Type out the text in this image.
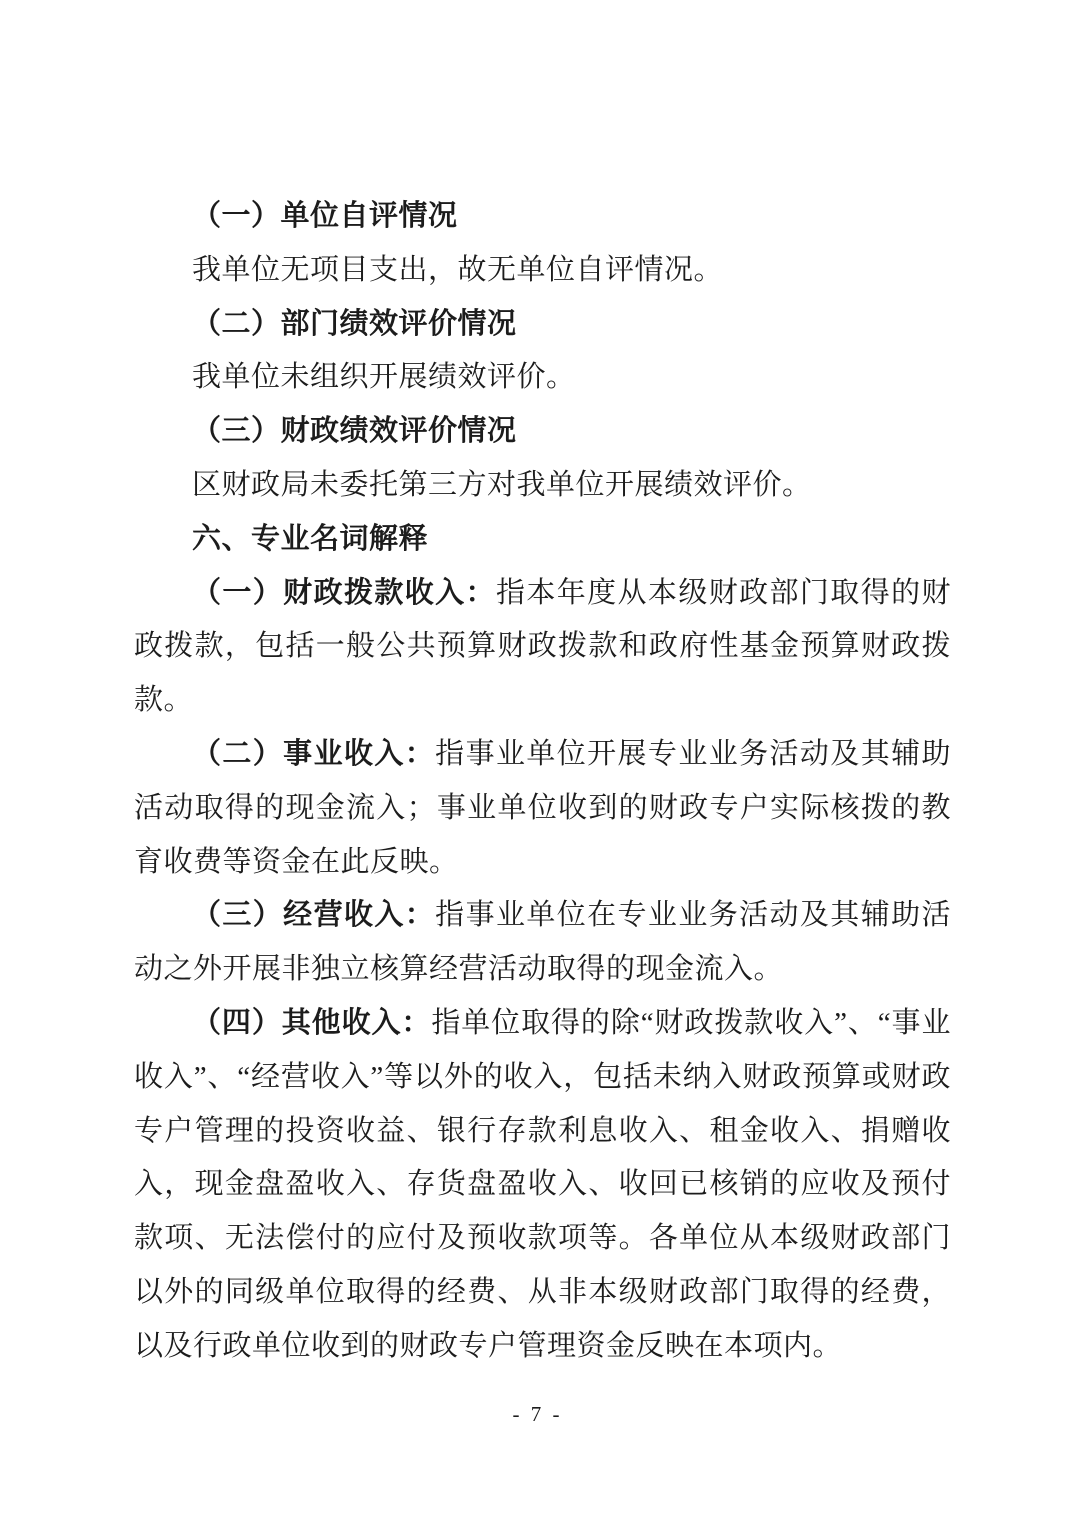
（一）单位自评情况

我单位无项目支出，故无单位自评情况。

（二）部门绩效评价情况

我单位未组织开展绩效评价。

（三）财政绩效评价情况

区财政局未委托第三方对我单位开展绩效评价。

六、专业名词解释

（一）财政拨款收入：指本年度从本级财政部门取得的财政拨款，包括一般公共预算财政拨款和政府性基金预算财政拨款。

（二）事业收入：指事业单位开展专业业务活动及其辅助活动取得的现金流入；事业单位收到的财政专户实际核拨的教育收费等资金在此反映。

（三）经营收入：指事业单位在专业业务活动及其辅助活动之外开展非独立核算经营活动取得的现金流入。

（四）其他收入：指单位取得的除“财政拨款收入”、“事业收入”、“经营收入”等以外的收入，包括未纳入财政预算或财政专户管理的投资收益、银行存款利息收入、租金收入、捐赠收入，现金盘盈收入、存货盘盈收入、收回已核销的应收及预付款项、无法偿付的应付及预收款项等。各单位从本级财政部门以外的同级单位取得的经费、从非本级财政部门取得的经费，以及行政单位收到的财政专户管理资金反映在本项内。

- 7 -
